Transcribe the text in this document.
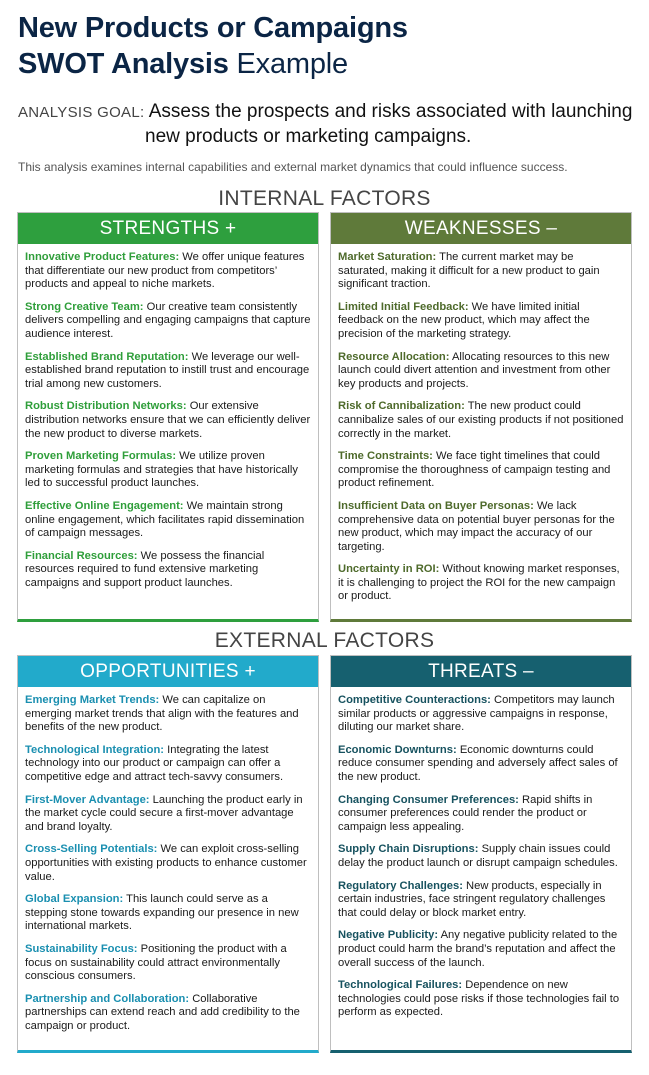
New Products or Campaigns
SWOT Analysis Example
ANALYSIS GOAL: Assess the prospects and risks associated with launching
new products or marketing campaigns.
This analysis examines internal capabilities and external market dynamics that could influence success.
INTERNAL FACTORS
STRENGTHS +
Innovative Product Features: We offer unique features that differentiate our new product from competitors’ products and appeal to niche markets.
Strong Creative Team: Our creative team consistently delivers compelling and engaging campaigns that capture audience interest.
Established Brand Reputation: We leverage our well-established brand reputation to instill trust and encourage trial among new customers.
Robust Distribution Networks: Our extensive distribution networks ensure that we can efficiently deliver the new product to diverse markets.
Proven Marketing Formulas: We utilize proven marketing formulas and strategies that have historically led to successful product launches.
Effective Online Engagement: We maintain strong online engagement, which facilitates rapid dissemination of campaign messages.
Financial Resources: We possess the financial resources required to fund extensive marketing campaigns and support product launches.
WEAKNESSES –
Market Saturation: The current market may be saturated, making it difficult for a new product to gain significant traction.
Limited Initial Feedback: We have limited initial feedback on the new product, which may affect the precision of the marketing strategy.
Resource Allocation: Allocating resources to this new launch could divert attention and investment from other key products and projects.
Risk of Cannibalization: The new product could cannibalize sales of our existing products if not positioned correctly in the market.
Time Constraints: We face tight timelines that could compromise the thoroughness of campaign testing and product refinement.
Insufficient Data on Buyer Personas: We lack comprehensive data on potential buyer personas for the new product, which may impact the accuracy of our targeting.
Uncertainty in ROI: Without knowing market responses, it is challenging to project the ROI for the new campaign or product.
EXTERNAL FACTORS
OPPORTUNITIES +
Emerging Market Trends: We can capitalize on emerging market trends that align with the features and benefits of the new product.
Technological Integration: Integrating the latest technology into our product or campaign can offer a competitive edge and attract tech-savvy consumers.
First-Mover Advantage: Launching the product early in the market cycle could secure a first-mover advantage and brand loyalty.
Cross-Selling Potentials: We can exploit cross-selling opportunities with existing products to enhance customer value.
Global Expansion: This launch could serve as a stepping stone towards expanding our presence in new international markets.
Sustainability Focus: Positioning the product with a focus on sustainability could attract environmentally conscious consumers.
Partnership and Collaboration: Collaborative partnerships can extend reach and add credibility to the campaign or product.
THREATS –
Competitive Counteractions: Competitors may launch similar products or aggressive campaigns in response, diluting our market share.
Economic Downturns: Economic downturns could reduce consumer spending and adversely affect sales of the new product.
Changing Consumer Preferences: Rapid shifts in consumer preferences could render the product or campaign less appealing.
Supply Chain Disruptions: Supply chain issues could delay the product launch or disrupt campaign schedules.
Regulatory Challenges: New products, especially in certain industries, face stringent regulatory challenges that could delay or block market entry.
Negative Publicity: Any negative publicity related to the product could harm the brand’s reputation and affect the overall success of the launch.
Technological Failures: Dependence on new technologies could pose risks if those technologies fail to perform as expected.
